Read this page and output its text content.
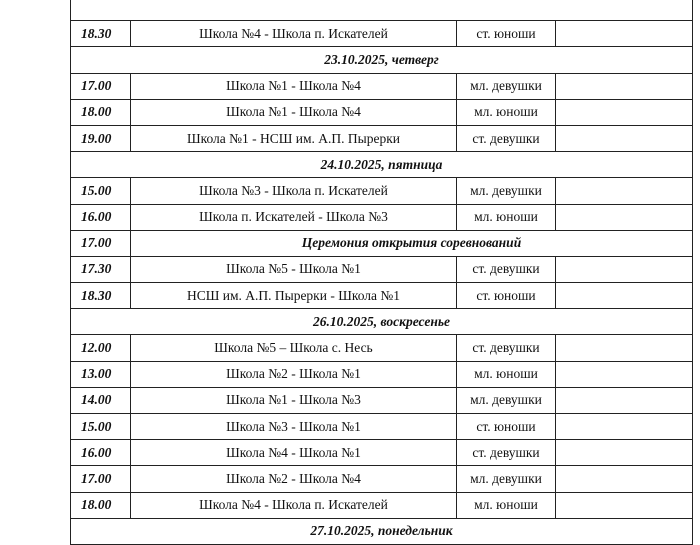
18.30	Школа №4 - Школа п. Искателей	ст. юноши	
23.10.2025, четверг			
17.00	Школа №1 - Школа №4	мл. девушки	
18.00	Школа №1 - Школа №4	мл. юноши	
19.00	Школа №1 - НСШ им. А.П. Пырерки	ст. девушки	
24.10.2025, пятница			
15.00	Школа №3 - Школа п. Искателей	мл. девушки	
16.00	Школа п. Искателей - Школа №3	мл. юноши	
17.00	Церемония открытия соревнований		
17.30	Школа №5 - Школа №1	ст. девушки	
18.30	НСШ им. А.П. Пырерки - Школа №1	ст. юноши	
26.10.2025, воскресенье			
12.00	Школа №5 – Школа с. Несь	ст. девушки	
13.00	Школа №2 - Школа №1	мл. юноши	
14.00	Школа №1 - Школа №3	мл. девушки	
15.00	Школа №3 - Школа №1	ст. юноши	
16.00	Школа №4 - Школа №1	ст. девушки	
17.00	Школа №2 - Школа №4	мл. девушки	
18.00	Школа №4 - Школа п. Искателей	мл. юноши	
27.10.2025, понедельник			
